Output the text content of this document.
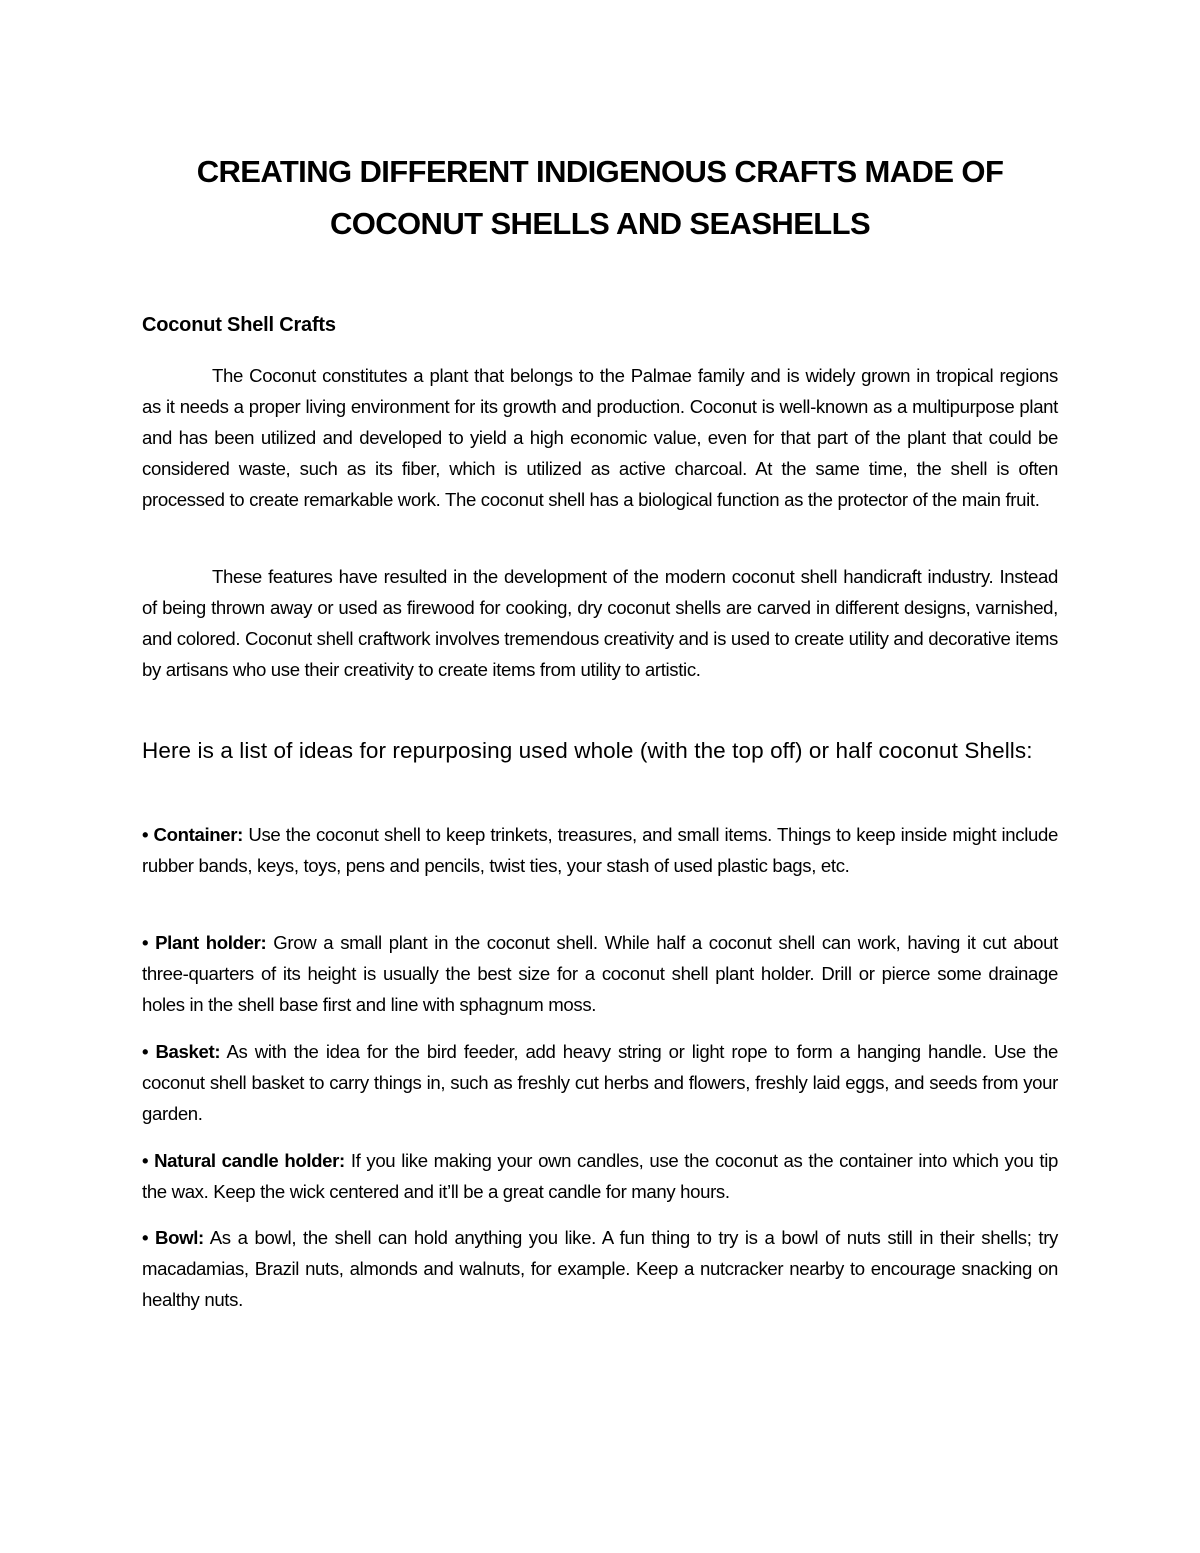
CREATING DIFFERENT INDIGENOUS CRAFTS MADE OF COCONUT SHELLS AND SEASHELLS
Coconut Shell Crafts

The Coconut constitutes a plant that belongs to the Palmae family and is widely grown in tropical regions as it needs a proper living environment for its growth and production. Coconut is well-known as a multipurpose plant and has been utilized and developed to yield a high economic value, even for that part of the plant that could be considered waste, such as its fiber, which is utilized as active charcoal. At the same time, the shell is often processed to create remarkable work. The coconut shell has a biological function as the protector of the main fruit.

These features have resulted in the development of the modern coconut shell handicraft industry. Instead of being thrown away or used as firewood for cooking, dry coconut shells are carved in different designs, varnished, and colored. Coconut shell craftwork involves tremendous creativity and is used to create utility and decorative items by artisans who use their creativity to create items from utility to artistic.

Here is a list of ideas for repurposing used whole (with the top off) or half coconut Shells:

• Container: Use the coconut shell to keep trinkets, treasures, and small items. Things to keep inside might include rubber bands, keys, toys, pens and pencils, twist ties, your stash of used plastic bags, etc.

• Plant holder: Grow a small plant in the coconut shell. While half a coconut shell can work, having it cut about three-quarters of its height is usually the best size for a coconut shell plant holder. Drill or pierce some drainage holes in the shell base first and line with sphagnum moss.

• Basket: As with the idea for the bird feeder, add heavy string or light rope to form a hanging handle. Use the coconut shell basket to carry things in, such as freshly cut herbs and flowers, freshly laid eggs, and seeds from your garden.

• Natural candle holder: If you like making your own candles, use the coconut as the container into which you tip the wax. Keep the wick centered and it’ll be a great candle for many hours.

• Bowl: As a bowl, the shell can hold anything you like. A fun thing to try is a bowl of nuts still in their shells; try macadamias, Brazil nuts, almonds and walnuts, for example. Keep a nutcracker nearby to encourage snacking on healthy nuts.
